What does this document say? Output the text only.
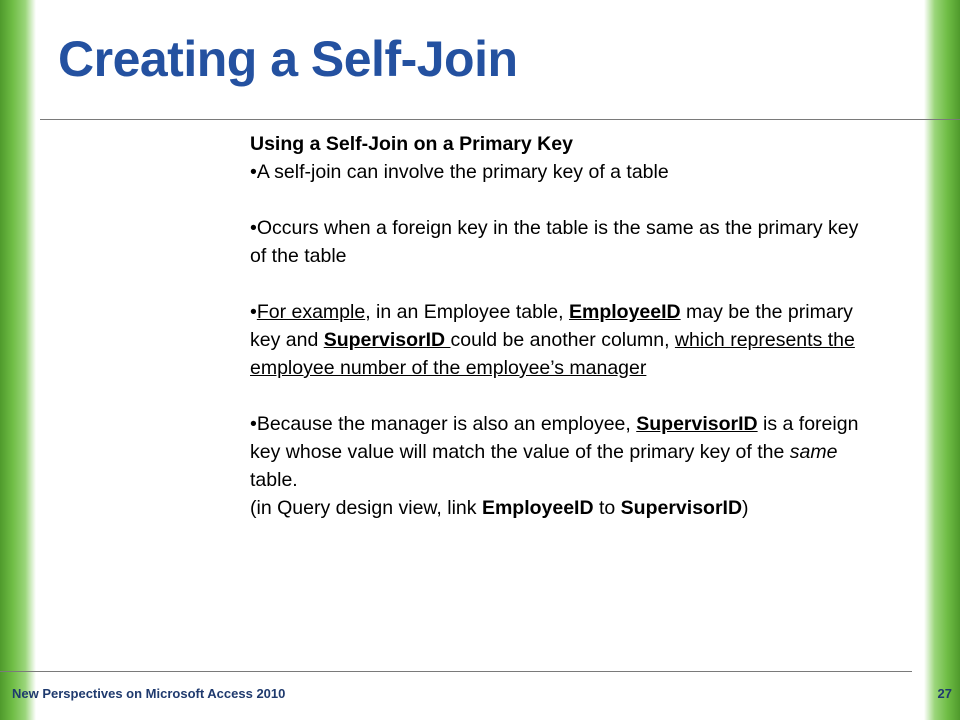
Creating a Self-Join

Using a Self-Join on a Primary Key

•A self-join can involve the primary key of a table

•Occurs when a foreign key in the table is the same as the primary key of the table

•For example, in an Employee table, EmployeeID may be the primary key and SupervisorID could be another column, which represents the employee number of the employee’s manager

•Because the manager is also an employee, SupervisorID is a foreign key whose value will match the value of the primary key of the same table.

(in Query design view, link EmployeeID to SupervisorID)

New Perspectives on Microsoft Access 2010	27
